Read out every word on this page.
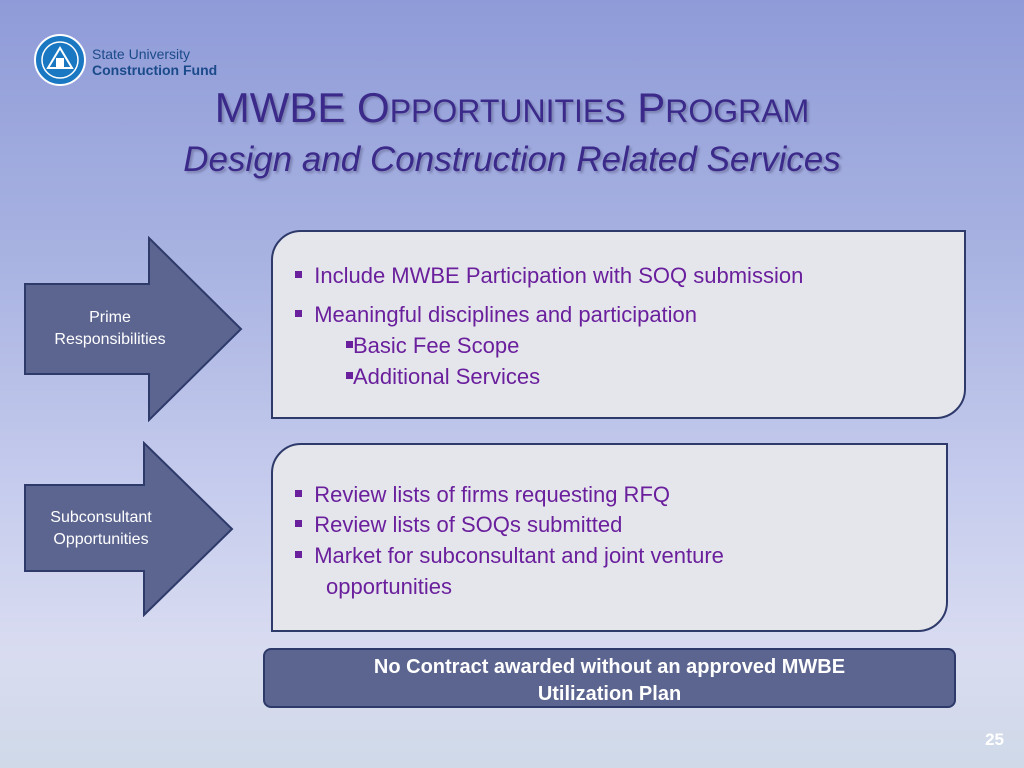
State University
Construction Fund
MWBE OPPORTUNITIES PROGRAM
Design and Construction Related Services
Prime
Responsibilities
Subconsultant
Opportunities
Include MWBE Participation with SOQ submission
Meaningful disciplines and participation
Basic Fee Scope
Additional Services
Review lists of firms requesting RFQ
Review lists of SOQs submitted
Market for subconsultant and joint venture
opportunities
No Contract awarded without an approved MWBE
Utilization Plan
25
